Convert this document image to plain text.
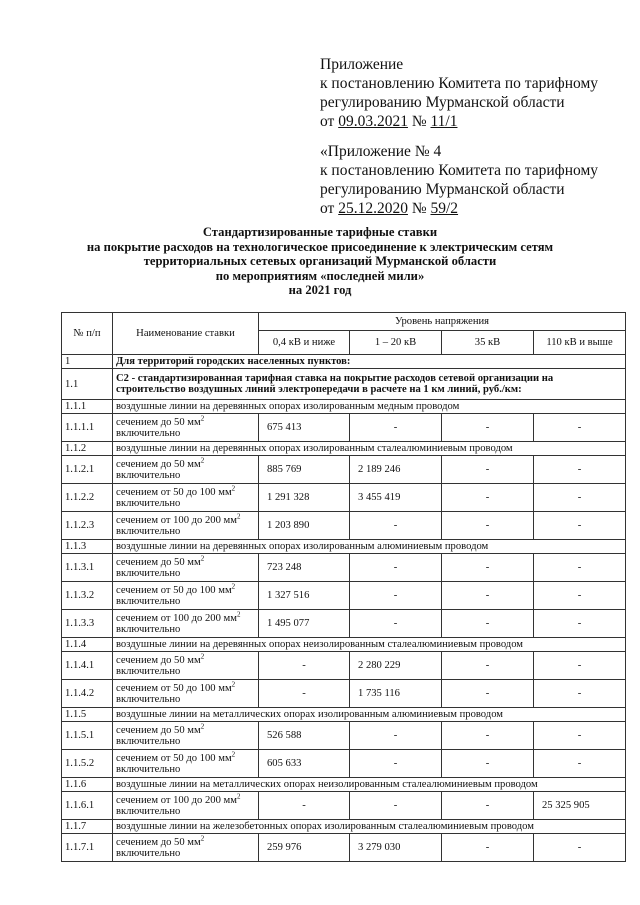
Приложение
к постановлению Комитета по тарифному
регулированию Мурманской области
от 09.03.2021 № 11/1
«Приложение № 4
к постановлению Комитета по тарифному
регулированию Мурманской области
от 25.12.2020 № 59/2
Стандартизированные тарифные ставки
на покрытие расходов на технологическое присоединение к электрическим сетям
территориальных сетевых организаций Мурманской области
по мероприятиям «последней мили»
на 2021 год
№ п/п	Наименование ставки	Уровень напряжения			
		0,4 кВ и ниже	1 – 20 кВ	35 кВ	110 кВ и выше
1	Для территорий городских населенных пунктов:				
1.1	С2 - стандартизированная тарифная ставка на покрытие расходов сетевой организации на строительство воздушных линий электропередачи в расчете на 1 км линий, руб./км:				
1.1.1	воздушные линии на деревянных опорах изолированным медным проводом				
1.1.1.1	сечением до 50 $мм^2$ включительно	675 413	-	-	-
1.1.2	воздушные линии на деревянных опорах изолированным сталеалюминиевым проводом				
1.1.2.1	сечением до 50 $мм^2$ включительно	885 769	2 189 246	-	-
1.1.2.2	сечением от 50 до 100 $мм^2$ включительно	1 291 328	3 455 419	-	-
1.1.2.3	сечением от 100 до 200 $мм^2$ включительно	1 203 890	-	-	-
1.1.3	воздушные линии на деревянных опорах изолированным алюминиевым проводом				
1.1.3.1	сечением до 50 $мм^2$ включительно	723 248	-	-	-
1.1.3.2	сечением от 50 до 100 $мм^2$ включительно	1 327 516	-	-	-
1.1.3.3	сечением от 100 до 200 $мм^2$ включительно	1 495 077	-	-	-
1.1.4	воздушные линии на деревянных опорах неизолированным сталеалюминиевым проводом				
1.1.4.1	сечением до 50 $мм^2$ включительно	-	2 280 229	-	-
1.1.4.2	сечением от 50 до 100 $мм^2$ включительно	-	1 735 116	-	-
1.1.5	воздушные линии на металлических опорах изолированным алюминиевым проводом				
1.1.5.1	сечением до 50 $мм^2$ включительно	526 588	-	-	-
1.1.5.2	сечением от 50 до 100 $мм^2$ включительно	605 633	-	-	-
1.1.6	воздушные линии на металлических опорах неизолированным сталеалюминиевым проводом				
1.1.6.1	сечением от 100 до 200 $мм^2$ включительно	-	-	-	25 325 905
1.1.7	воздушные линии на железобетонных опорах изолированным сталеалюминиевым проводом				
1.1.7.1	сечением до 50 $мм^2$ включительно	259 976	3 279 030	-	-
